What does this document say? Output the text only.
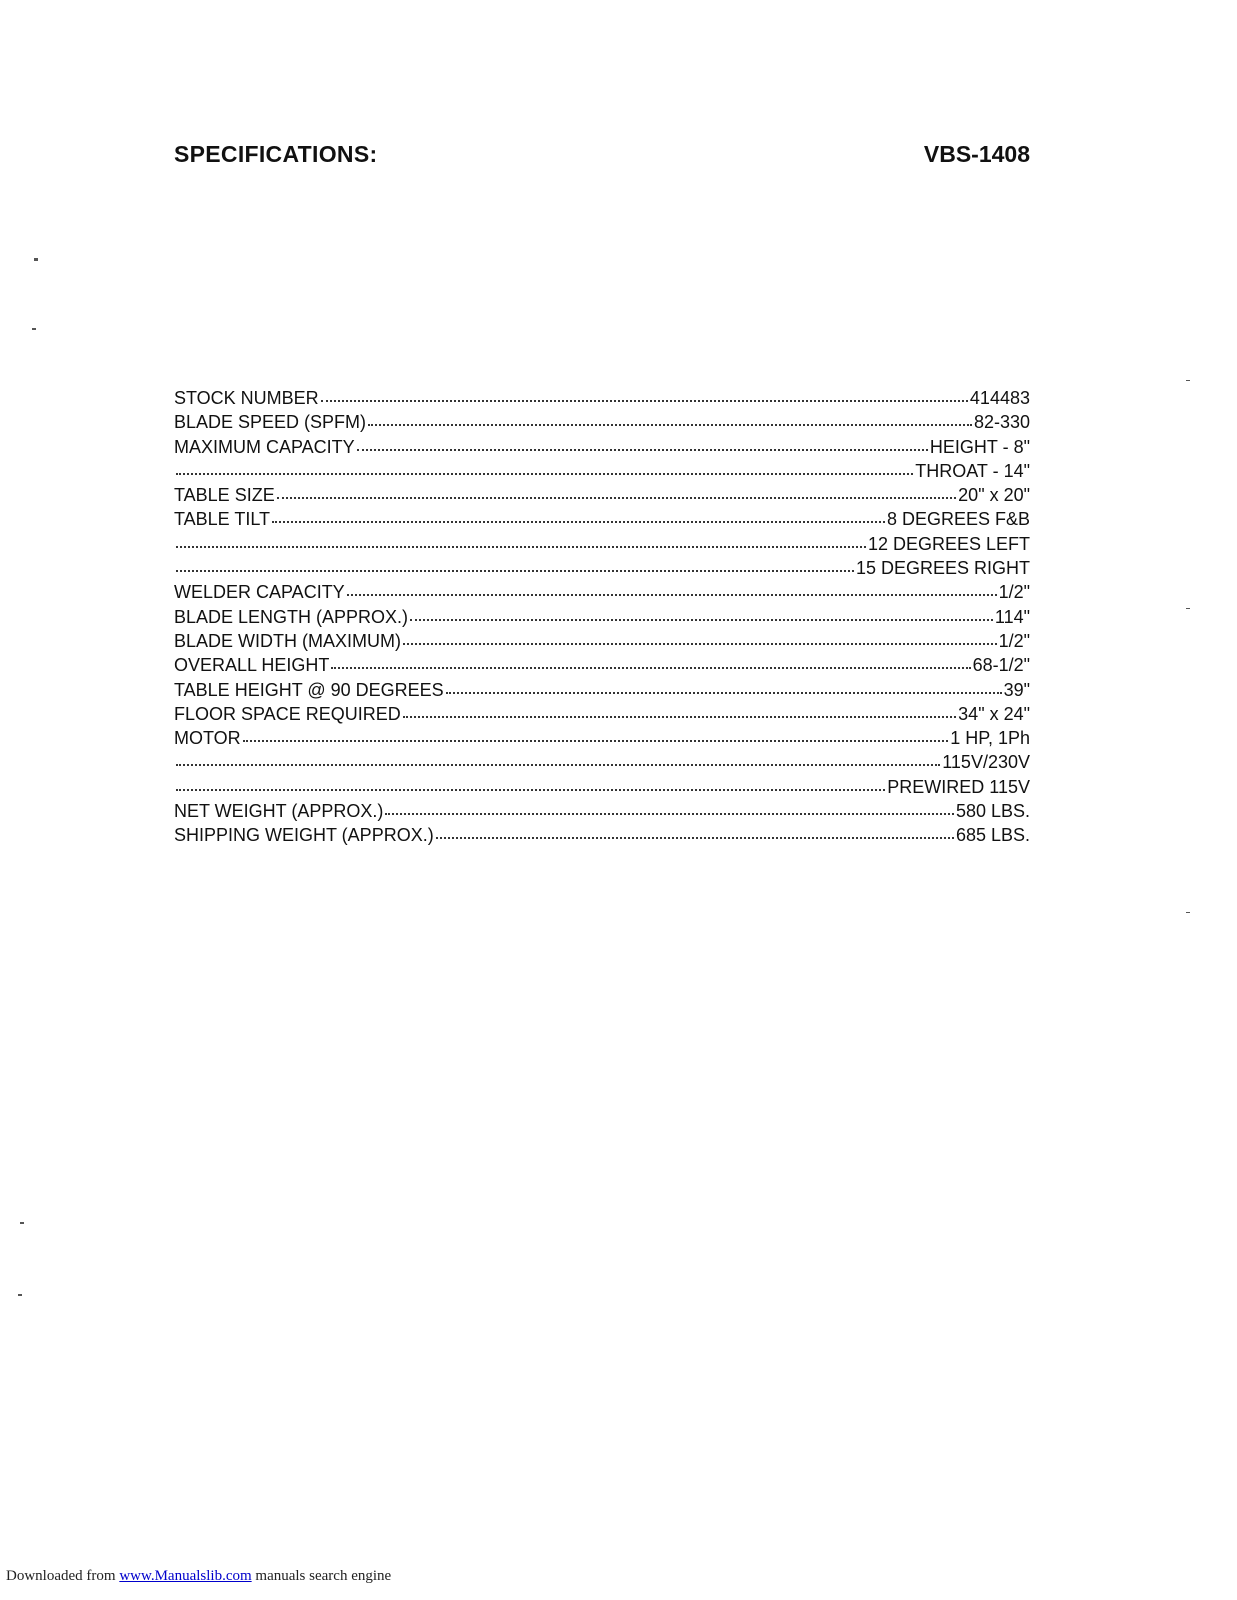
SPECIFICATIONS:	VBS-1408
STOCK NUMBER	414483
BLADE SPEED (SPFM)	82-330
MAXIMUM CAPACITY	HEIGHT - 8"
THROAT - 14"
TABLE SIZE	20" x 20"
TABLE TILT	8 DEGREES F&B
12 DEGREES LEFT
15 DEGREES RIGHT
WELDER CAPACITY	1/2"
BLADE LENGTH (APPROX.)	114"
BLADE WIDTH (MAXIMUM)	1/2"
OVERALL HEIGHT	68-1/2"
TABLE HEIGHT @ 90 DEGREES	39"
FLOOR SPACE REQUIRED	34" x 24"
MOTOR	1 HP, 1Ph
115V/230V
PREWIRED 115V
NET WEIGHT (APPROX.)	580 LBS.
SHIPPING WEIGHT (APPROX.)	685 LBS.
Downloaded from www.Manualslib.com manuals search engine
